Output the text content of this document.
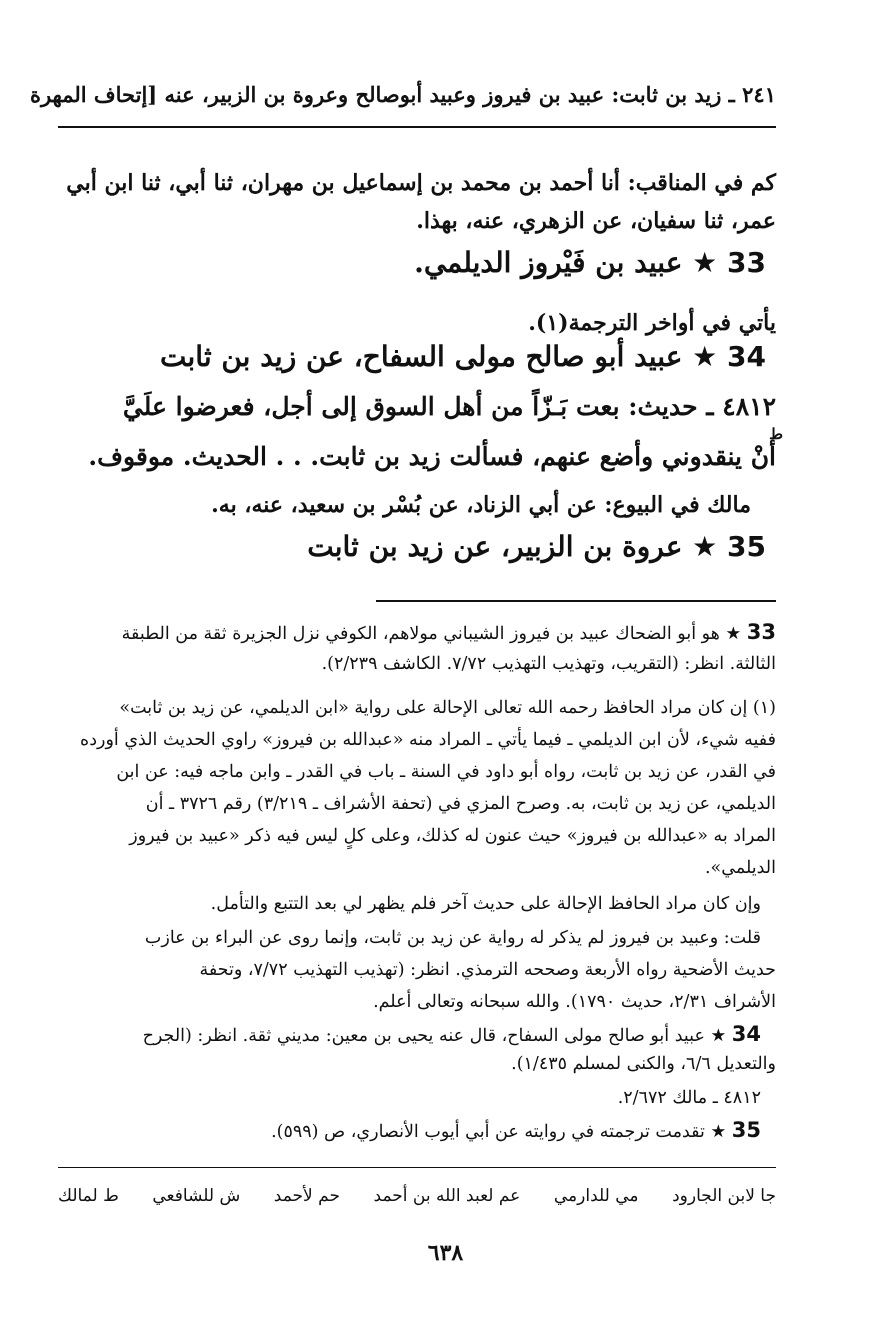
٢٤١ ـ زيد بن ثابت: عبيد بن فيروز وعبيد أبوصالح وعروة بن الزبير، عنه [إتحاف المهرة
كم في المناقب: أنا أحمد بن محمد بن إسماعيل بن مهران، ثنا أبي، ثنا ابن أبي
عمر، ثنا سفيان، عن الزهري، عنه، بهذا.
33 ★ عبيد بن فَيْروز الديلمي.
يأتي في أواخر الترجمة(١).
34 ★ عبيد أبو صالح مولى السفاح، عن زيد بن ثابت
٤٨١٢ ـ حديث: بعت بَـزّاً من أهل السوق إلى أجل، فعرضوا علَيَّ
ط
أنْ ينقدوني وأضع عنهم، فسألت زيد بن ثابت. . . الحديث. موقوف.
مالك في البيوع: عن أبي الزناد، عن بُسْر بن سعيد، عنه، به.
35 ★ عروة بن الزبير، عن زيد بن ثابت
33 ★ هو أبو الضحاك عبيد بن فيروز الشيباني مولاهم، الكوفي نزل الجزيرة ثقة من الطبقة
الثالثة. انظر: (التقريب، وتهذيب التهذيب ٧/٧٢. الكاشف ٢/٢٣٩).
(١) إن كان مراد الحافظ رحمه الله تعالى الإحالة على رواية «ابن الديلمي، عن زيد بن ثابت»
ففيه شيء، لأن ابن الديلمي ـ فيما يأتي ـ المراد منه «عبدالله بن فيروز» راوي الحديث الذي أورده
في القدر، عن زيد بن ثابت، رواه أبو داود في السنة ـ باب في القدر ـ وابن ماجه فيه: عن ابن
الديلمي، عن زيد بن ثابت، به. وصرح المزي في (تحفة الأشراف ـ ٣/٢١٩) رقم ٣٧٢٦ ـ أن
المراد به «عبدالله بن فيروز» حيث عنون له كذلك، وعلى كلٍ ليس فيه ذكر «عبيد بن فيروز
الديلمي».
وإن كان مراد الحافظ الإحالة على حديث آخر فلم يظهر لي بعد التتبع والتأمل.
قلت: وعبيد بن فيروز لم يذكر له رواية عن زيد بن ثابت، وإنما روى عن البراء بن عازب
حديث الأضحية رواه الأربعة وصححه الترمذي. انظر: (تهذيب التهذيب ٧/٧٢، وتحفة
الأشراف ٢/٣١، حديث ١٧٩٠). والله سبحانه وتعالى أعلم.
34 ★ عبيد أبو صالح مولى السفاح، قال عنه يحيى بن معين: مديني ثقة. انظر: (الجرح
والتعديل ٦/٦، والكنى لمسلم ١/٤٣٥).
٤٨١٢ ـ مالك ٢/٦٧٢.
35 ★ تقدمت ترجمته في روايته عن أبي أيوب الأنصاري، ص (٥٩٩).
ط لمالك ش للشافعي حم لأحمد عم لعبد الله بن أحمد مي للدارمي جا لابن الجارود
٦٣٨
